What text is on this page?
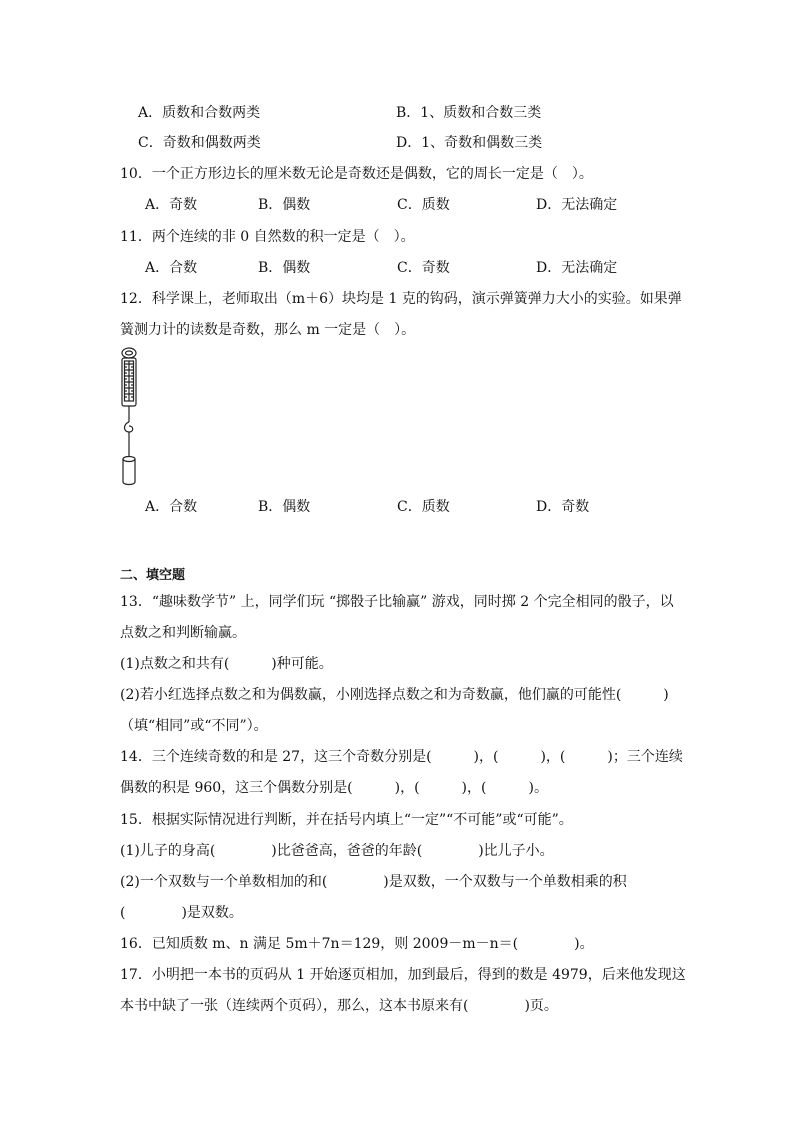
A．质数和合数两类	B．1、质数和合数三类
C．奇数和偶数两类	D．1、奇数和偶数三类
10．一个正方形边长的厘米数无论是奇数还是偶数，它的周长一定是（　）。
A．奇数	B．偶数	C．质数	D．无法确定
11．两个连续的非 0 自然数的积一定是（　）。
A．合数	B．偶数	C．奇数	D．无法确定
12．科学课上，老师取出（m＋6）块均是 1 克的钩码，演示弹簧弹力大小的实验。如果弹
簧测力计的读数是奇数，那么 m 一定是（　）。
A．合数	B．偶数	C．质数	D．奇数
二、填空题
13．“趣味数学节” 上，同学们玩 “掷骰子比输赢” 游戏，同时掷 2 个完全相同的骰子，以
点数之和判断输赢。
(1)点数之和共有(　　　)种可能。
(2)若小红选择点数之和为偶数赢，小刚选择点数之和为奇数赢，他们赢的可能性(　　　)
（填“相同”或“不同”）。
14．三个连续奇数的和是 27，这三个奇数分别是(　　　)，(　　　)，(　　　)；三个连续
偶数的积是 960，这三个偶数分别是(　　　)，(　　　)，(　　　)。
15．根据实际情况进行判断，并在括号内填上“一定”“不可能”或“可能”。
(1)儿子的身高(　　　　)比爸爸高，爸爸的年龄(　　　　)比儿子小。
(2)一个双数与一个单数相加的和(　　　　)是双数，一个双数与一个单数相乘的积
(　　　　)是双数。
16．已知质数 m、n 满足 5m＋7n＝129，则 2009－m－n＝(　　　　)。
17．小明把一本书的页码从 1 开始逐页相加，加到最后，得到的数是 4979，后来他发现这
本书中缺了一张（连续两个页码），那么，这本书原来有(　　　　)页。
